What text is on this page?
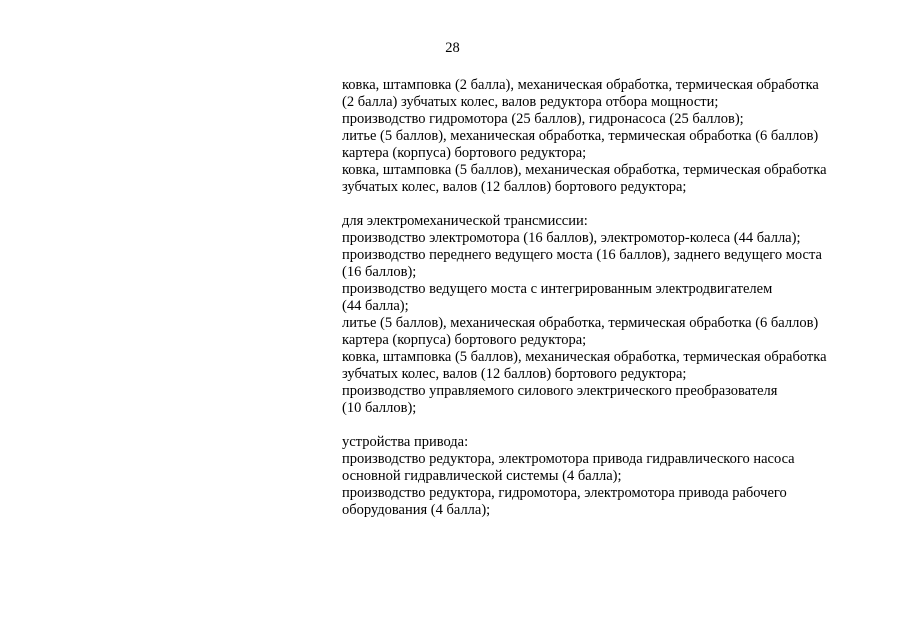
28
ковка, штамповка (2 балла), механическая обработка, термическая обработка
(2 балла) зубчатых колес, валов редуктора отбора мощности;
производство гидромотора (25 баллов), гидронасоса (25 баллов);
литье (5 баллов), механическая обработка, термическая обработка (6 баллов)
картера (корпуса) бортового редуктора;
ковка, штамповка (5 баллов), механическая обработка, термическая обработка
зубчатых колес, валов (12 баллов) бортового редуктора;
для электромеханической трансмиссии:
производство электромотора (16 баллов), электромотор-колеса (44 балла);
производство переднего ведущего моста (16 баллов), заднего ведущего моста
(16 баллов);
производство ведущего моста с интегрированным электродвигателем
(44 балла);
литье (5 баллов), механическая обработка, термическая обработка (6 баллов)
картера (корпуса) бортового редуктора;
ковка, штамповка (5 баллов), механическая обработка, термическая обработка
зубчатых колес, валов (12 баллов) бортового редуктора;
производство управляемого силового электрического преобразователя
(10 баллов);
устройства привода:
производство редуктора, электромотора привода гидравлического насоса
основной гидравлической системы (4 балла);
производство редуктора, гидромотора, электромотора привода рабочего
оборудования (4 балла);
